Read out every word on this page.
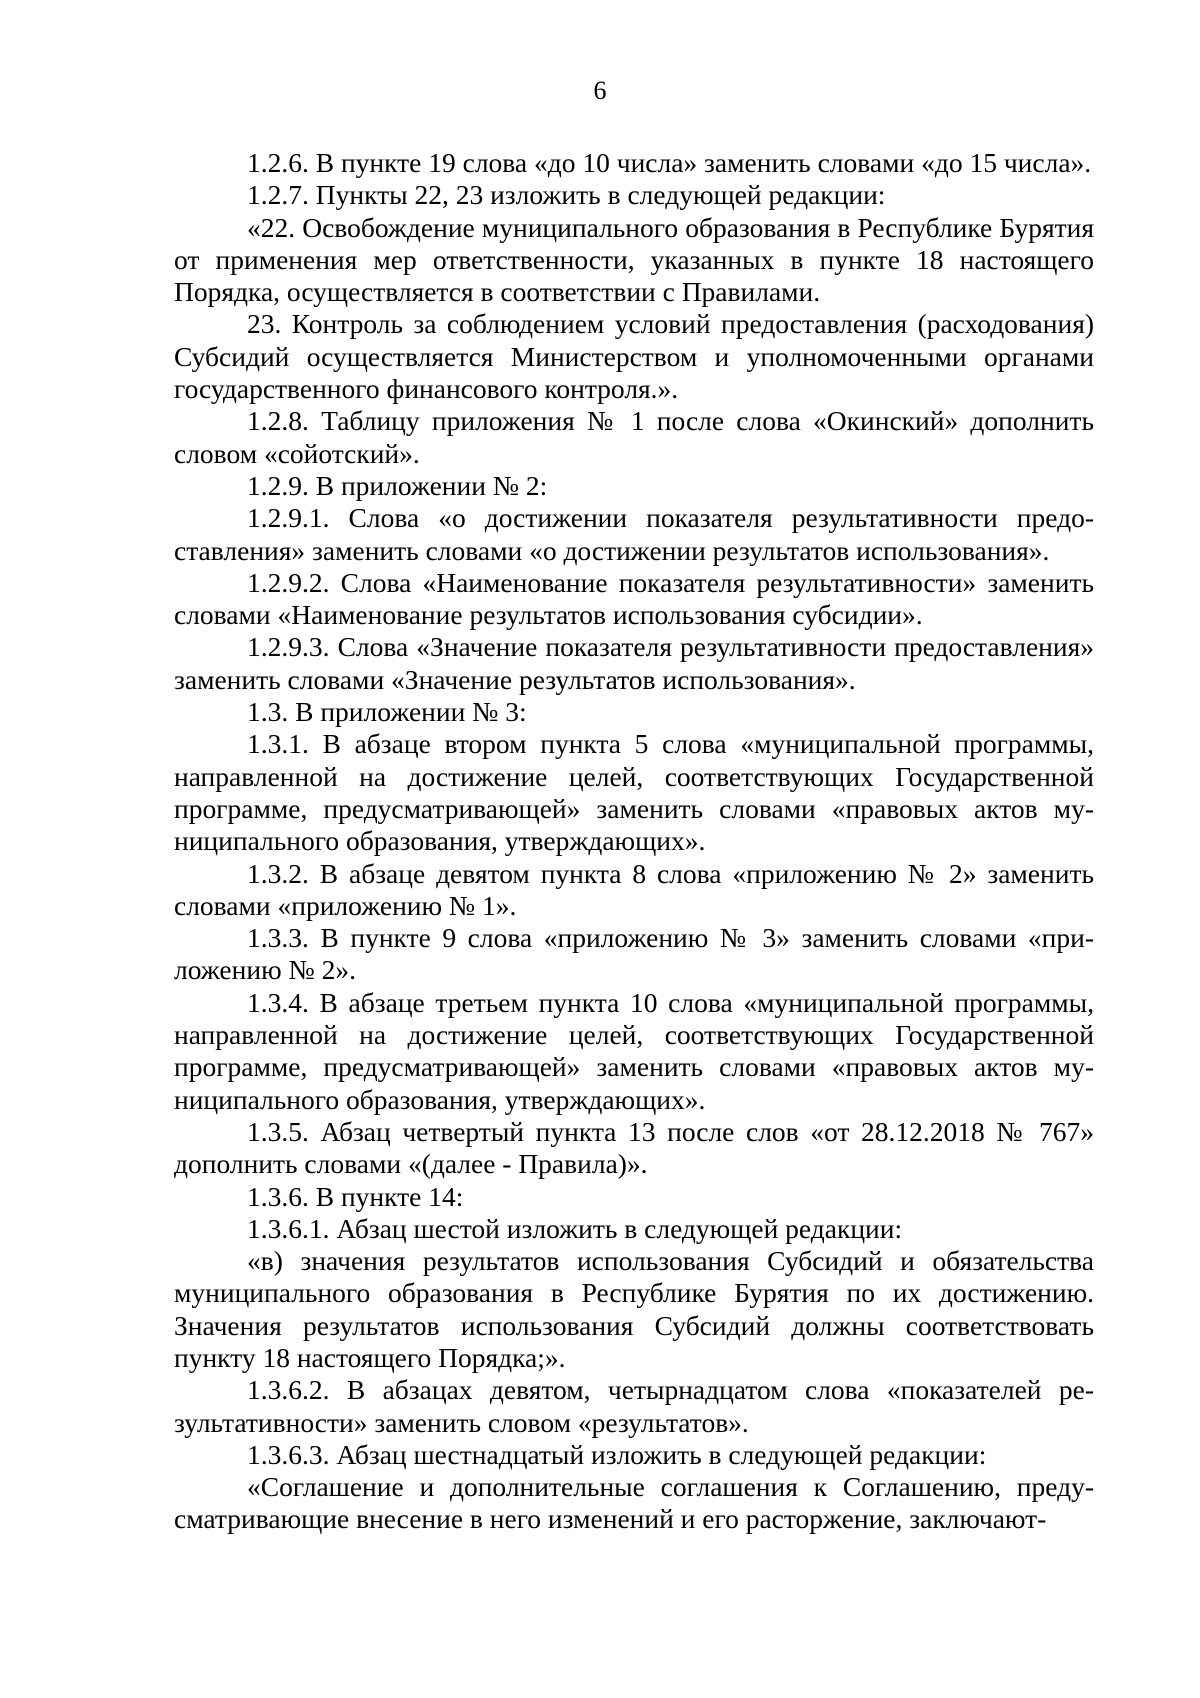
6

1.2.6. В пункте 19 слова «до 10 числа» заменить словами «до 15 числа».

1.2.7. Пункты 22, 23 изложить в следующей редакции:

«22. Освобождение муниципального образования в Республике Бурятия от применения мер ответственности, указанных в пункте 18 настоящего Порядка, осуществляется в соответствии с Правилами.

23. Контроль за соблюдением условий предоставления (расходования) Субсидий осуществляется Министерством и уполномоченными органами государственного финансового контроля.».

1.2.8. Таблицу приложения № 1 после слова «Окинский» дополнить словом «сойотский».

1.2.9. В приложении № 2:

1.2.9.1. Слова «о достижении показателя результативности предоставления» заменить словами «о достижении результатов использования».

1.2.9.2. Слова «Наименование показателя результативности» заменить словами «Наименование результатов использования субсидии».

1.2.9.3. Слова «Значение показателя результативности предоставления» заменить словами «Значение результатов использования».

1.3. В приложении № 3:

1.3.1. В абзаце втором пункта 5 слова «муниципальной программы, направленной на достижение целей, соответствующих Государственной программе, предусматривающей» заменить словами «правовых актов муниципального образования, утверждающих».

1.3.2. В абзаце девятом пункта 8 слова «приложению № 2» заменить словами «приложению № 1».

1.3.3. В пункте 9 слова «приложению № 3» заменить словами «приложению № 2».

1.3.4. В абзаце третьем пункта 10 слова «муниципальной программы, направленной на достижение целей, соответствующих Государственной программе, предусматривающей» заменить словами «правовых актов муниципального образования, утверждающих».

1.3.5. Абзац четвертый пункта 13 после слов «от 28.12.2018 № 767» дополнить словами «(далее - Правила)».

1.3.6. В пункте 14:

1.3.6.1. Абзац шестой изложить в следующей редакции:

«в) значения результатов использования Субсидий и обязательства муниципального образования в Республике Бурятия по их достижению. Значения результатов использования Субсидий должны соответствовать пункту 18 настоящего Порядка;».

1.3.6.2. В абзацах девятом, четырнадцатом слова «показателей результативности» заменить словом «результатов».

1.3.6.3. Абзац шестнадцатый изложить в следующей редакции:

«Соглашение и дополнительные соглашения к Соглашению, предусматривающие внесение в него изменений и его расторжение, заключают-
